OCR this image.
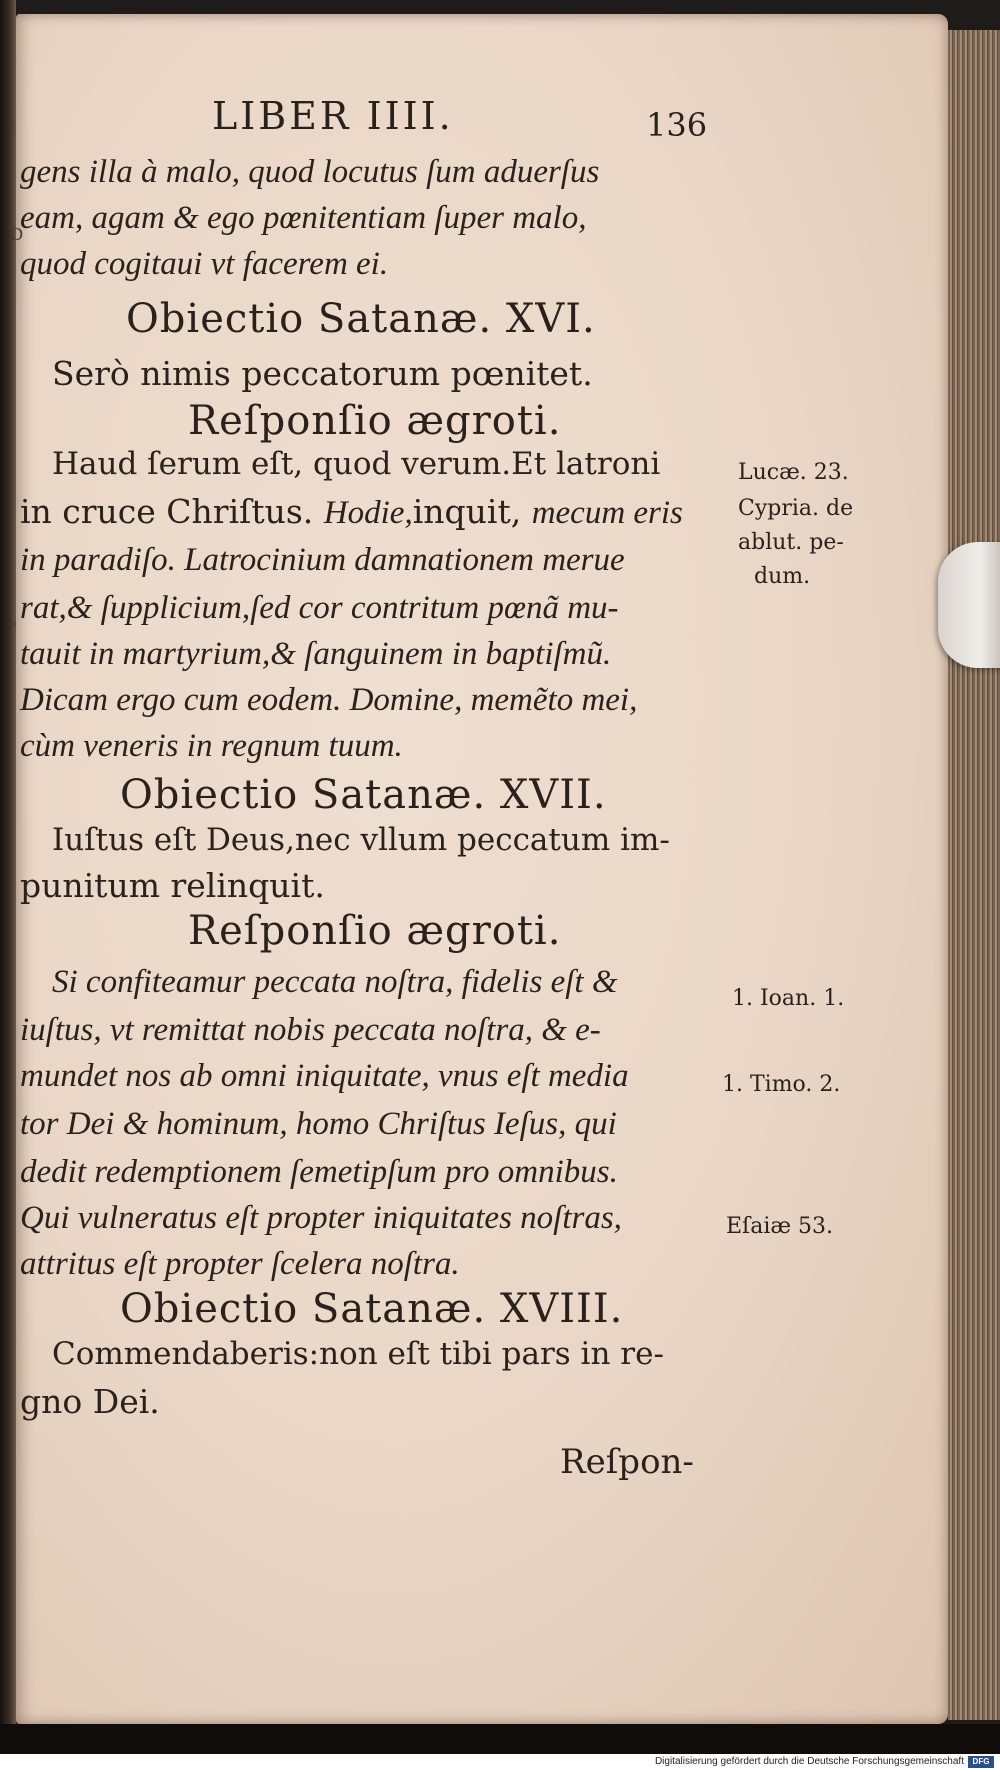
ı
D
·
LIBER IIII.	136
gens illa à malo, quod locutus ſum aduerſus
eam, agam & ego pœnitentiam ſuper malo,
quod cogitaui vt facerem ei.
Obiectio Satanæ. XVI.
Serò nimis peccatorum pœnitet.
Reſponſio ægroti.
Haud ſerum eſt, quod verum.Et latroni
in cruce Chriſtus. Hodie,inquit, mecum eris
in paradiſo. Latrocinium damnationem merue
rat,& ſupplicium,ſed cor contritum pœnã mu-
tauit in martyrium,& ſanguinem in baptiſmũ.
Dicam ergo cum eodem. Domine, memẽto mei,
cùm veneris in regnum tuum.
Obiectio Satanæ. XVII.
Iuſtus eſt Deus,nec vllum peccatum im-
punitum relinquit.
Reſponſio ægroti.
Si confiteamur peccata noſtra, fidelis eſt &
iuſtus, vt remittat nobis peccata noſtra, & e-
mundet nos ab omni iniquitate, vnus eſt media
tor Dei & hominum, homo Chriſtus Ieſus, qui
dedit redemptionem ſemetipſum pro omnibus.
Qui vulneratus eſt propter iniquitates noſtras,
attritus eſt propter ſcelera noſtra.
Obiectio Satanæ. XVIII.
Commendaberis:non eſt tibi pars in re-
gno Dei.
Reſpon-
Lucæ. 23.
Cypria. de
ablut. pe-
dum.
1. Ioan. 1.
1. Timo. 2.
Eſaiæ 53.
Digitalisierung gefördert durch die Deutsche Forschungsgemeinschaft	DFG
